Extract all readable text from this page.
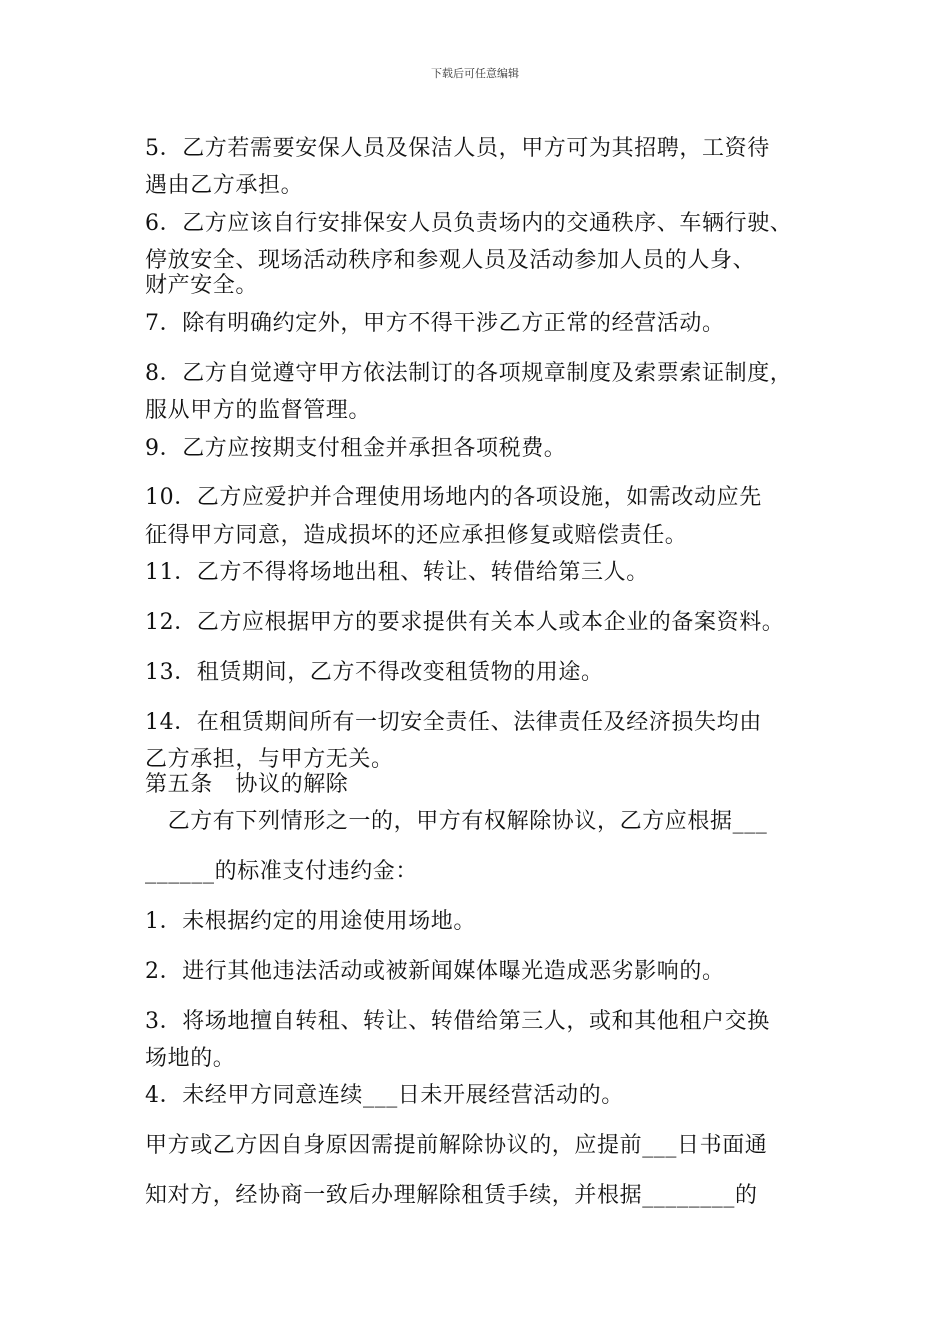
下载后可任意编辑
5．乙方若需要安保人员及保洁人员，甲方可为其招聘，工资待
遇由乙方承担。
6．乙方应该自行安排保安人员负责场内的交通秩序、车辆行驶、
停放安全、现场活动秩序和参观人员及活动参加人员的人身、
财产安全。
7．除有明确约定外，甲方不得干涉乙方正常的经营活动。
8．乙方自觉遵守甲方依法制订的各项规章制度及索票索证制度，
服从甲方的监督管理。
9．乙方应按期支付租金并承担各项税费。
10．乙方应爱护并合理使用场地内的各项设施，如需改动应先
征得甲方同意，造成损坏的还应承担修复或赔偿责任。
11．乙方不得将场地出租、转让、转借给第三人。
12．乙方应根据甲方的要求提供有关本人或本企业的备案资料。
13．租赁期间，乙方不得改变租赁物的用途。
14．在租赁期间所有一切安全责任、法律责任及经济损失均由
乙方承担，与甲方无关。
第五条　协议的解除
　乙方有下列情形之一的，甲方有权解除协议，乙方应根据___
______的标准支付违约金：
1．未根据约定的用途使用场地。
2．进行其他违法活动或被新闻媒体曝光造成恶劣影响的。
3．将场地擅自转租、转让、转借给第三人，或和其他租户交换
场地的。
4．未经甲方同意连续___日未开展经营活动的。
甲方或乙方因自身原因需提前解除协议的，应提前___日书面通
知对方，经协商一致后办理解除租赁手续，并根据________的
